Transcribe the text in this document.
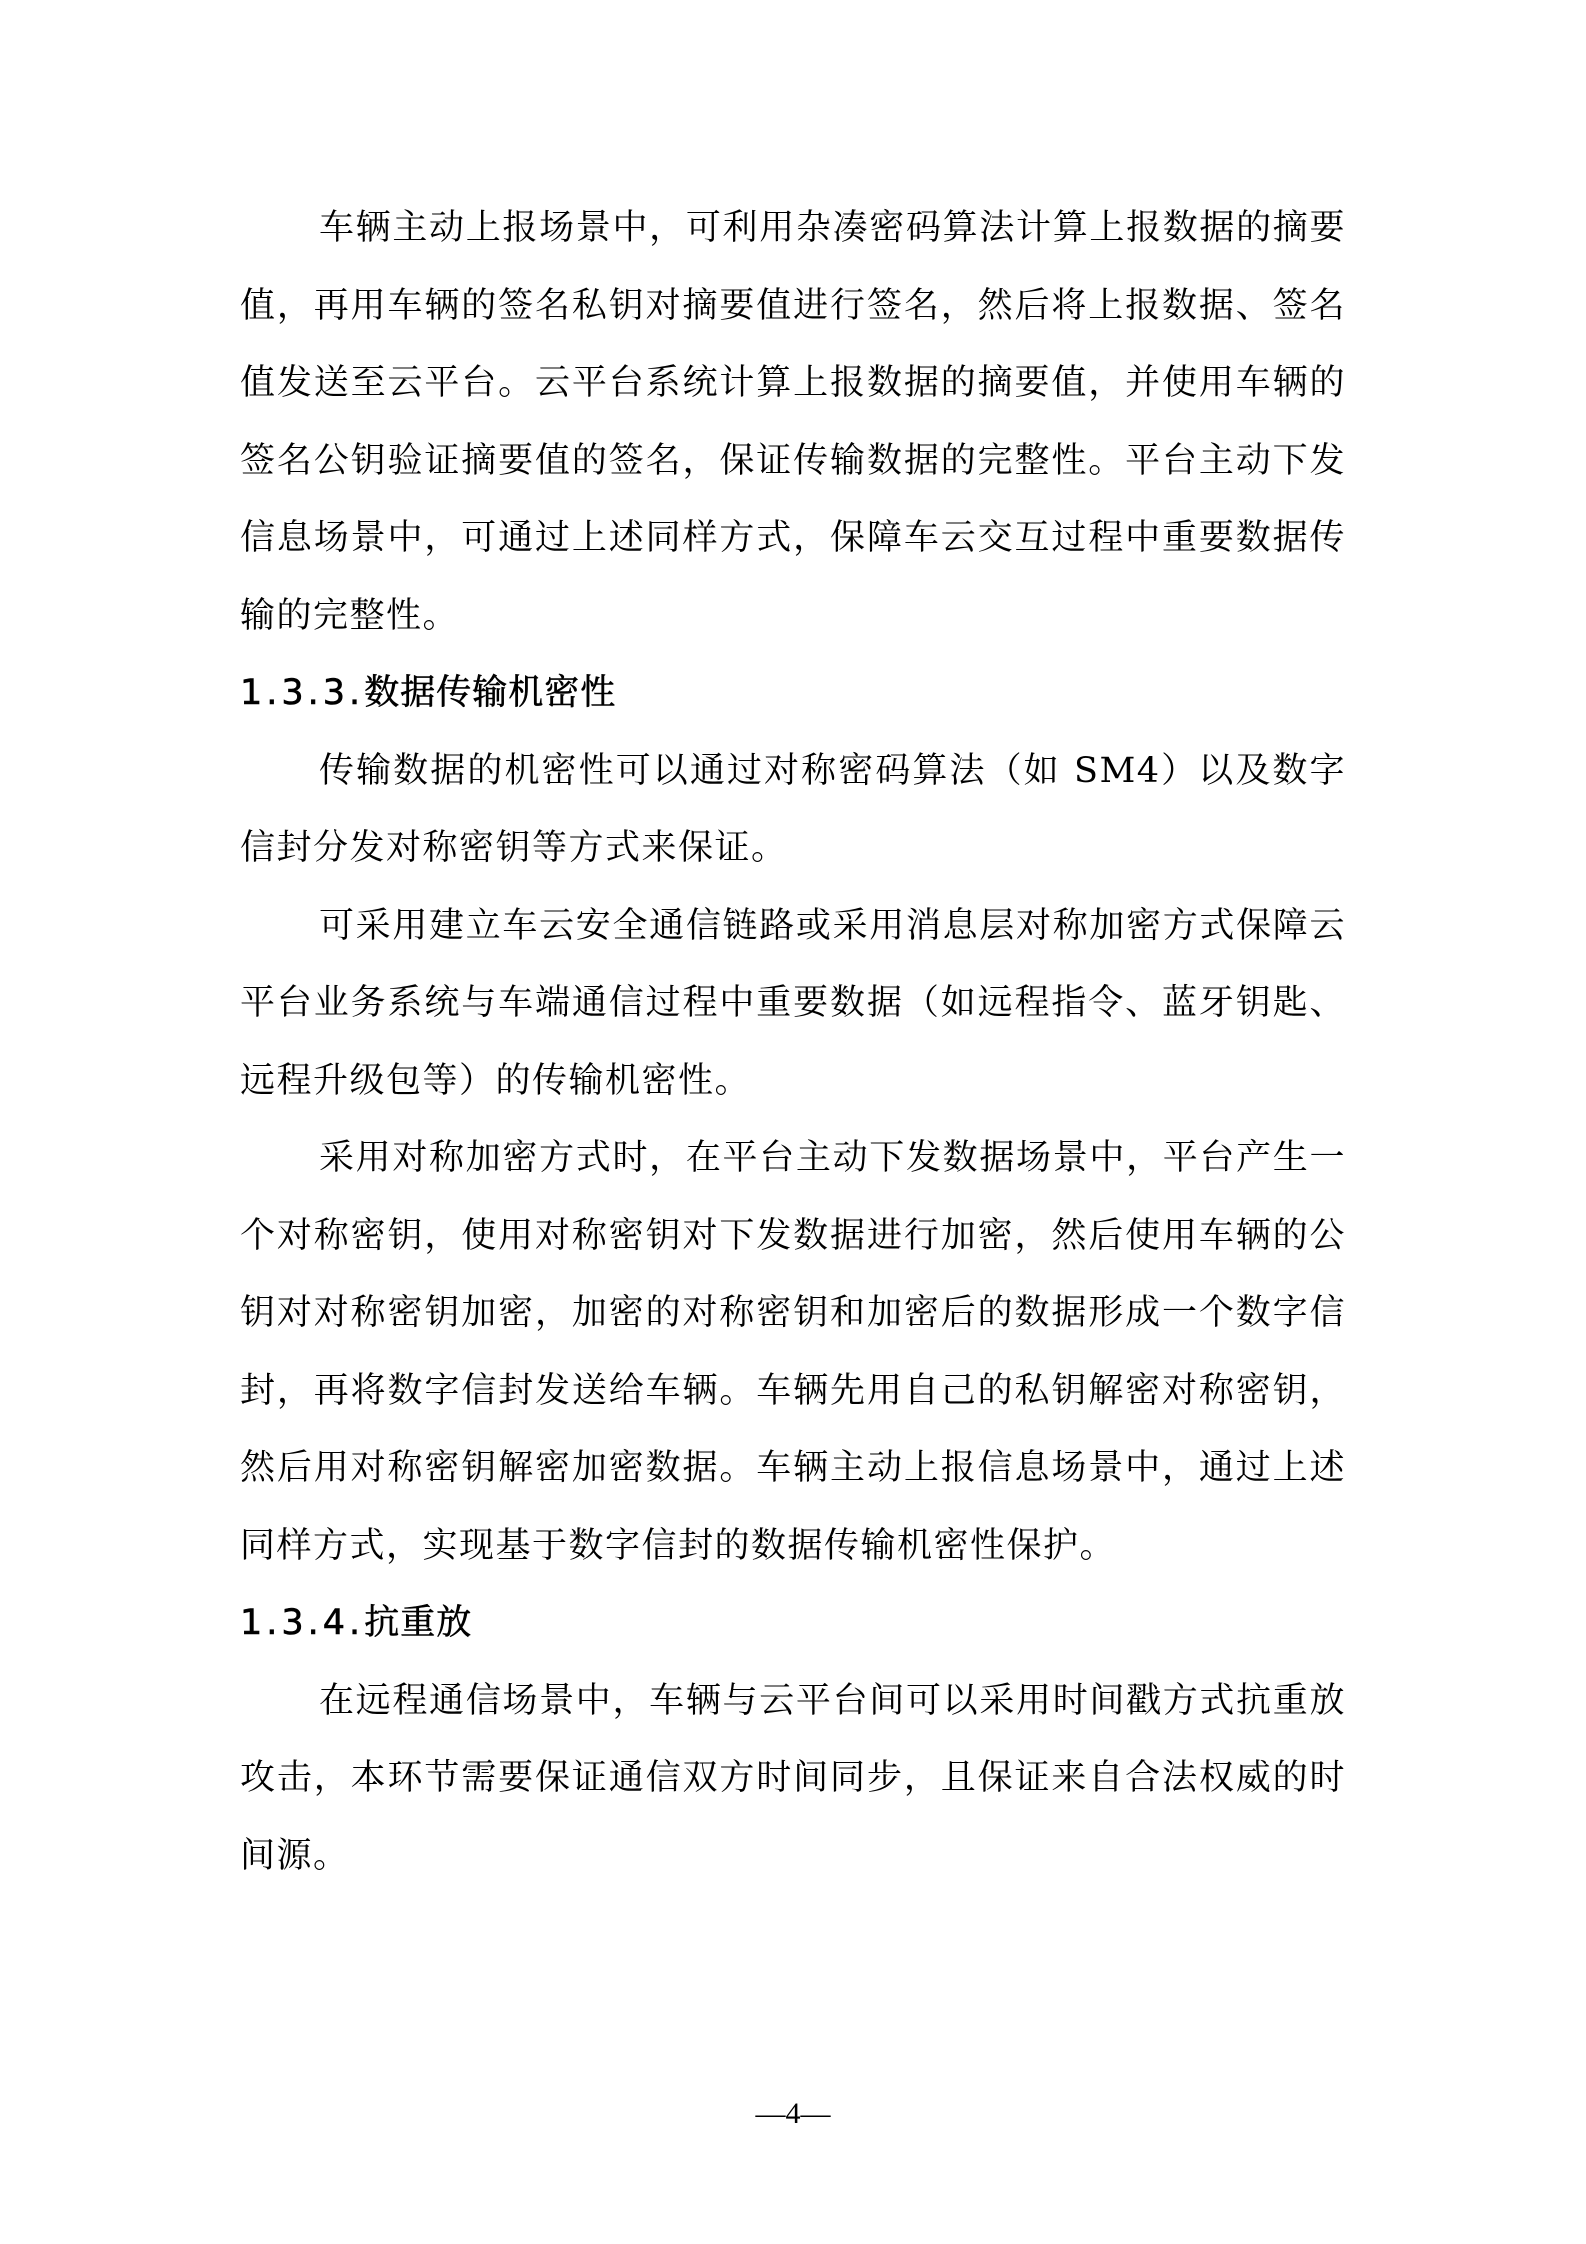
车辆主动上报场景中，可利用杂凑密码算法计算上报数据的摘要值，再用车辆的签名私钥对摘要值进行签名，然后将上报数据、签名值发送至云平台。云平台系统计算上报数据的摘要值，并使用车辆的签名公钥验证摘要值的签名，保证传输数据的完整性。平台主动下发信息场景中，可通过上述同样方式，保障车云交互过程中重要数据传输的完整性。

1.3.3.数据传输机密性

传输数据的机密性可以通过对称密码算法（如 SM4）以及数字信封分发对称密钥等方式来保证。

可采用建立车云安全通信链路或采用消息层对称加密方式保障云平台业务系统与车端通信过程中重要数据（如远程指令、蓝牙钥匙、远程升级包等）的传输机密性。

采用对称加密方式时，在平台主动下发数据场景中，平台产生一个对称密钥，使用对称密钥对下发数据进行加密，然后使用车辆的公钥对对称密钥加密，加密的对称密钥和加密后的数据形成一个数字信封，再将数字信封发送给车辆。车辆先用自己的私钥解密对称密钥，然后用对称密钥解密加密数据。车辆主动上报信息场景中，通过上述同样方式，实现基于数字信封的数据传输机密性保护。

1.3.4.抗重放

在远程通信场景中，车辆与云平台间可以采用时间戳方式抗重放攻击，本环节需要保证通信双方时间同步，且保证来自合法权威的时间源。

—4—
